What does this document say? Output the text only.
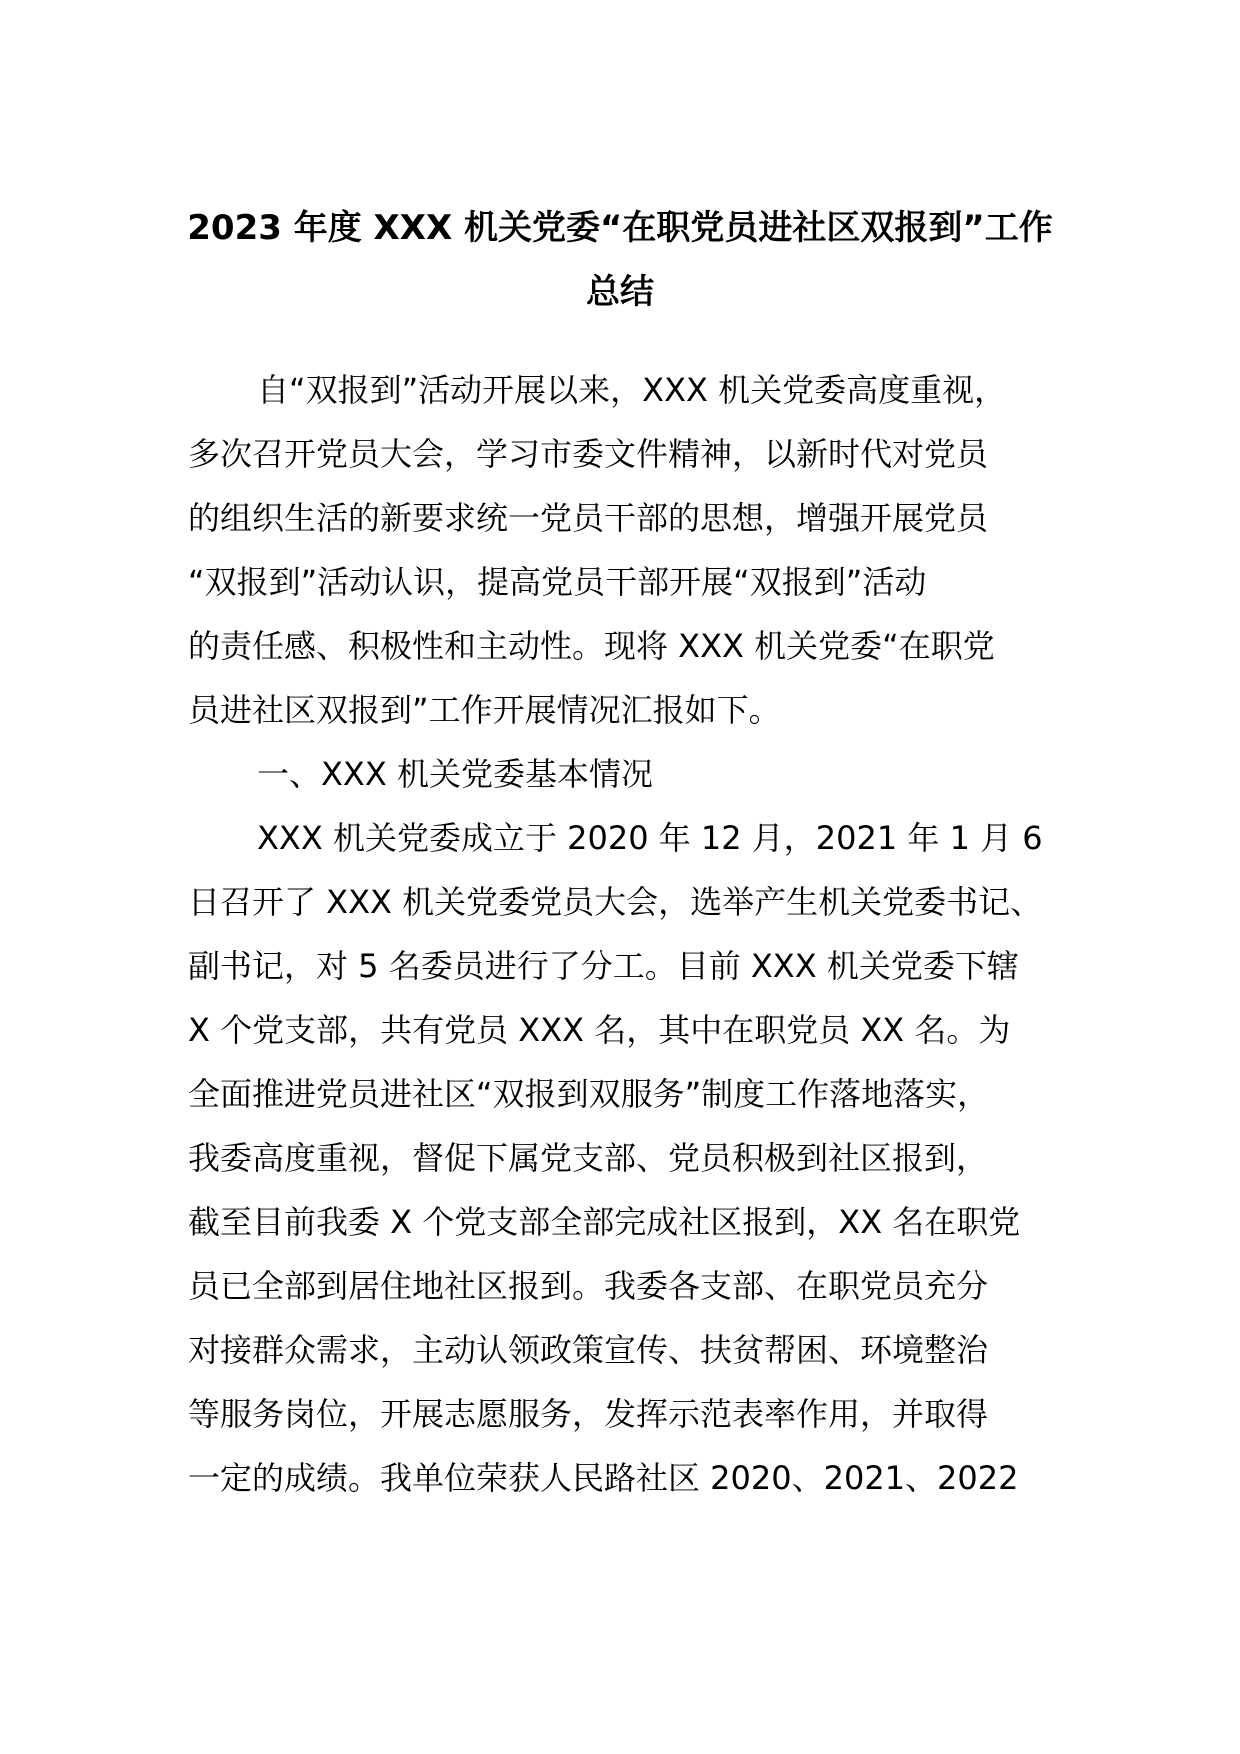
2023 年度 XXX 机关党委“在职党员进社区双报到”工作
总结
自“双报到”活动开展以来，XXX 机关党委高度重视，
多次召开党员大会，学习市委文件精神，以新时代对党员
的组织生活的新要求统一党员干部的思想，增强开展党员
“双报到”活动认识，提高党员干部开展“双报到”活动
的责任感、积极性和主动性。现将 XXX 机关党委“在职党
员进社区双报到”工作开展情况汇报如下。
一、XXX 机关党委基本情况
XXX 机关党委成立于 2020 年 12 月，2021 年 1 月 6
日召开了 XXX 机关党委党员大会，选举产生机关党委书记、
副书记，对 5 名委员进行了分工。目前 XXX 机关党委下辖
X 个党支部，共有党员 XXX 名，其中在职党员 XX 名。为
全面推进党员进社区“双报到双服务”制度工作落地落实，
我委高度重视，督促下属党支部、党员积极到社区报到，
截至目前我委 X 个党支部全部完成社区报到，XX 名在职党
员已全部到居住地社区报到。我委各支部、在职党员充分
对接群众需求，主动认领政策宣传、扶贫帮困、环境整治
等服务岗位，开展志愿服务，发挥示范表率作用，并取得
一定的成绩。我单位荣获人民路社区 2020、2021、2022
